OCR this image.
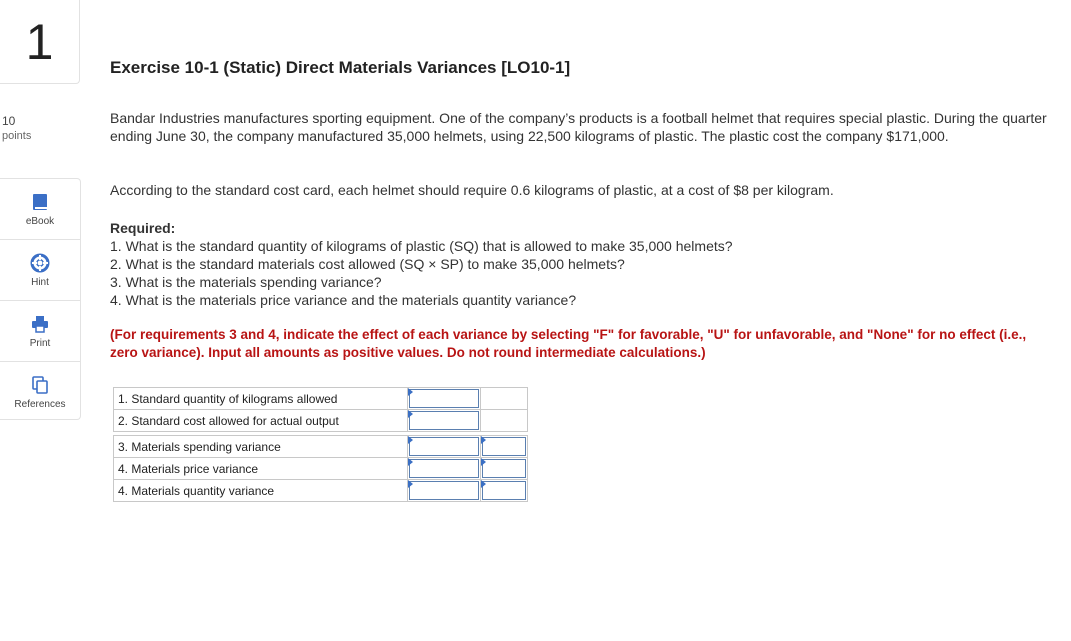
1
10
points
eBook
Hint
Print
References
Exercise 10-1 (Static) Direct Materials Variances [LO10-1]
Bandar Industries manufactures sporting equipment. One of the company’s products is a football helmet that requires special plastic. During the quarter ending June 30, the company manufactured 35,000 helmets, using 22,500 kilograms of plastic. The plastic cost the company $171,000.
According to the standard cost card, each helmet should require 0.6 kilograms of plastic, at a cost of $8 per kilogram.
Required:
1. What is the standard quantity of kilograms of plastic (SQ) that is allowed to make 35,000 helmets?
2. What is the standard materials cost allowed (SQ × SP) to make 35,000 helmets?
3. What is the materials spending variance?
4. What is the materials price variance and the materials quantity variance?
(For requirements 3 and 4, indicate the effect of each variance by selecting "F" for favorable, "U" for unfavorable, and "None" for no effect (i.e., zero variance). Input all amounts as positive values. Do not round intermediate calculations.)
1. Standard quantity of kilograms allowed	

2. Standard cost allowed for actual output	

3. Materials spending variance	

4. Materials price variance	

4. Materials quantity variance	
